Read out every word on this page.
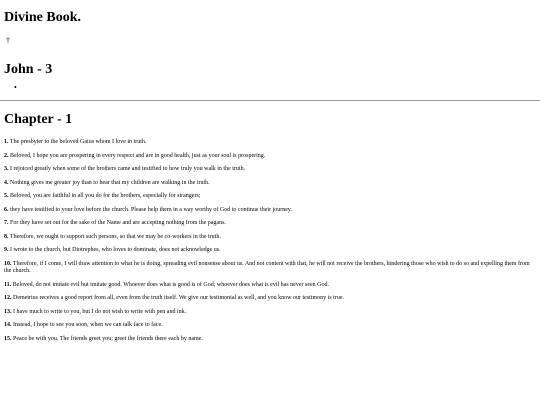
Divine Book.
†
John - 3
•
Chapter - 1

1. The presbyter to the beloved Gaius whom I love in truth.

2. Beloved, I hope you are prospering in every respect and are in good health, just as your soul is prospering.

3. I rejoiced greatly when some of the brothers came and testified to how truly you walk in the truth.

4. Nothing gives me greater joy than to hear that my children are walking in the truth.

5. Beloved, you are faithful in all you do for the brothers, especially for strangers;

6. they have testified to your love before the church. Please help them in a way worthy of God to continue their journey.

7. For they have set out for the sake of the Name and are accepting nothing from the pagans.

8. Therefore, we ought to support such persons, so that we may be co-workers in the truth.

9. I wrote to the church, but Diotrephes, who loves to dominate, does not acknowledge us.

10. Therefore, if I come, I will draw attention to what he is doing, spreading evil nonsense about us. And not content with that, he will not receive the brothers, hindering those who wish to do so and expelling them from the church.

11. Beloved, do not imitate evil but imitate good. Whoever does what is good is of God; whoever does what is evil has never seen God.

12. Demetrius receives a good report from all, even from the truth itself. We give our testimonial as well, and you know our testimony is true.

13. I have much to write to you, but I do not wish to write with pen and ink.

14. Instead, I hope to see you soon, when we can talk face to face.

15. Peace be with you. The friends greet you; greet the friends there each by name.
